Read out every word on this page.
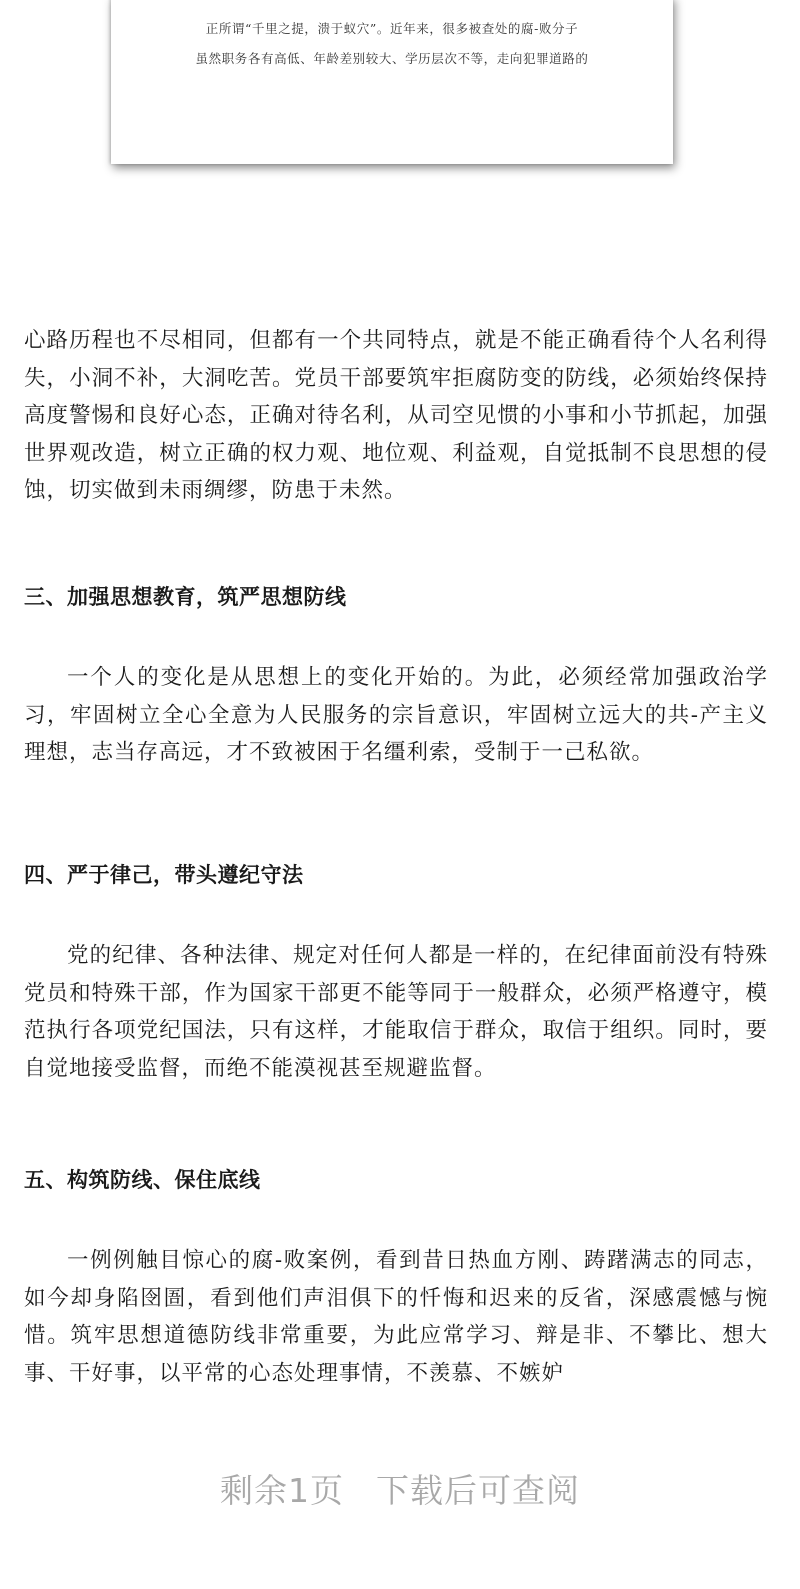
正所谓“千里之提，溃于蚁穴”。近年来，很多被查处的腐-败分子
虽然职务各有高低、年龄差别较大、学历层次不等，走向犯罪道路的

心路历程也不尽相同，但都有一个共同特点，就是不能正确看待个人名利得失，小洞不补，大洞吃苦。党员干部要筑牢拒腐防变的防线，必须始终保持高度警惕和良好心态，正确对待名利，从司空见惯的小事和小节抓起，加强世界观改造，树立正确的权力观、地位观、利益观，自觉抵制不良思想的侵蚀，切实做到未雨绸缪，防患于未然。

三、加强思想教育，筑严思想防线

一个人的变化是从思想上的变化开始的。为此，必须经常加强政治学习，牢固树立全心全意为人民服务的宗旨意识，牢固树立远大的共-产主义理想，志当存高远，才不致被困于名缰利索，受制于一己私欲。

四、严于律己，带头遵纪守法

党的纪律、各种法律、规定对任何人都是一样的，在纪律面前没有特殊党员和特殊干部，作为国家干部更不能等同于一般群众，必须严格遵守，模范执行各项党纪国法，只有这样，才能取信于群众，取信于组织。同时，要自觉地接受监督，而绝不能漠视甚至规避监督。

五、构筑防线、保住底线

一例例触目惊心的腐-败案例，看到昔日热血方刚、踌躇满志的同志，如今却身陷囹圄，看到他们声泪俱下的忏悔和迟来的反省，深感震憾与惋惜。筑牢思想道德防线非常重要，为此应常学习、辩是非、不攀比、想大事、干好事，以平常的心态处理事情，不羡慕、不嫉妒

剩余1页 下载后可查阅
